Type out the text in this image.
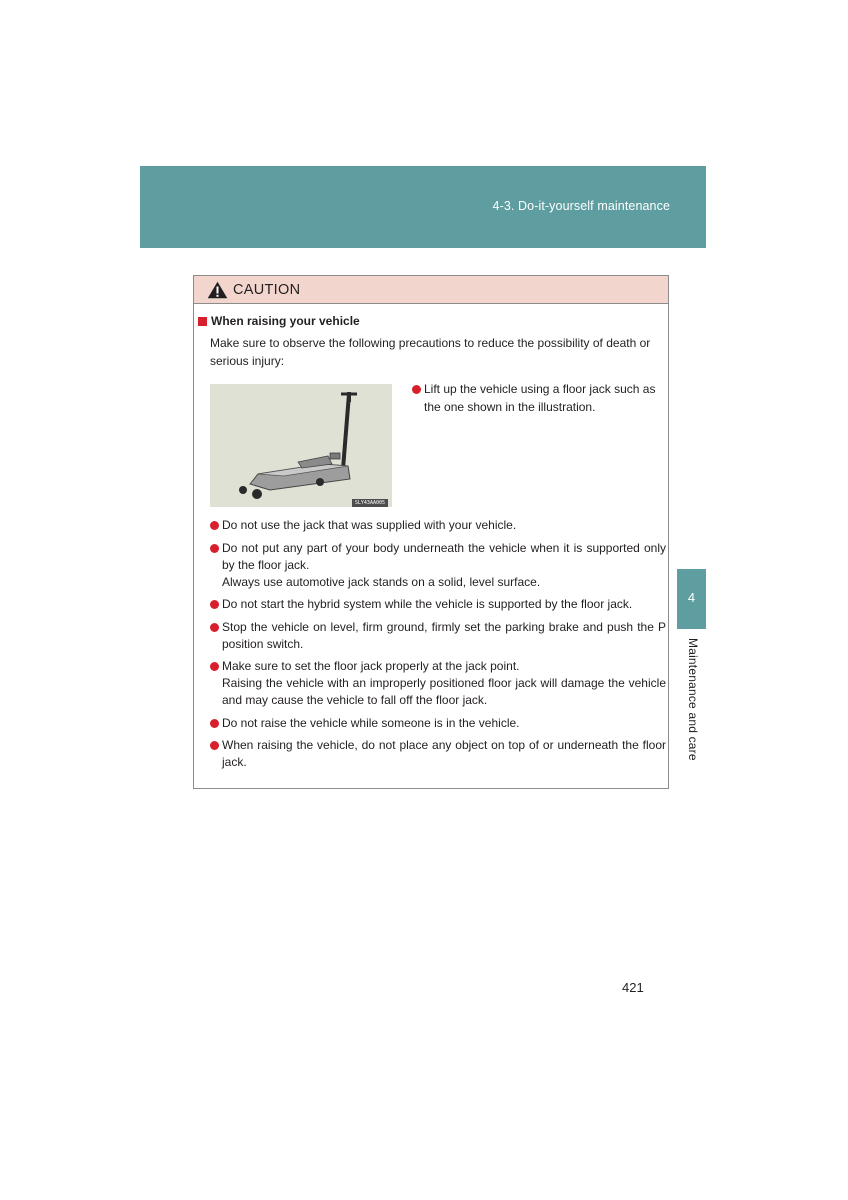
4-3. Do-it-yourself maintenance
4
Maintenance and care
CAUTION
When raising your vehicle
Make sure to observe the following precautions to reduce the possibility of death or serious injury:
SLY43AA005
Lift up the vehicle using a floor jack such as the one shown in the illustration.
Do not use the jack that was supplied with your vehicle.
Do not put any part of your body underneath the vehicle when it is supported only by the floor jack.
Always use automotive jack stands on a solid, level surface.
Do not start the hybrid system while the vehicle is supported by the floor jack.
Stop the vehicle on level, firm ground, firmly set the parking brake and push the P position switch.
Make sure to set the floor jack properly at the jack point.
Raising the vehicle with an improperly positioned floor jack will damage the vehicle and may cause the vehicle to fall off the floor jack.
Do not raise the vehicle while someone is in the vehicle.
When raising the vehicle, do not place any object on top of or underneath the floor jack.
421
